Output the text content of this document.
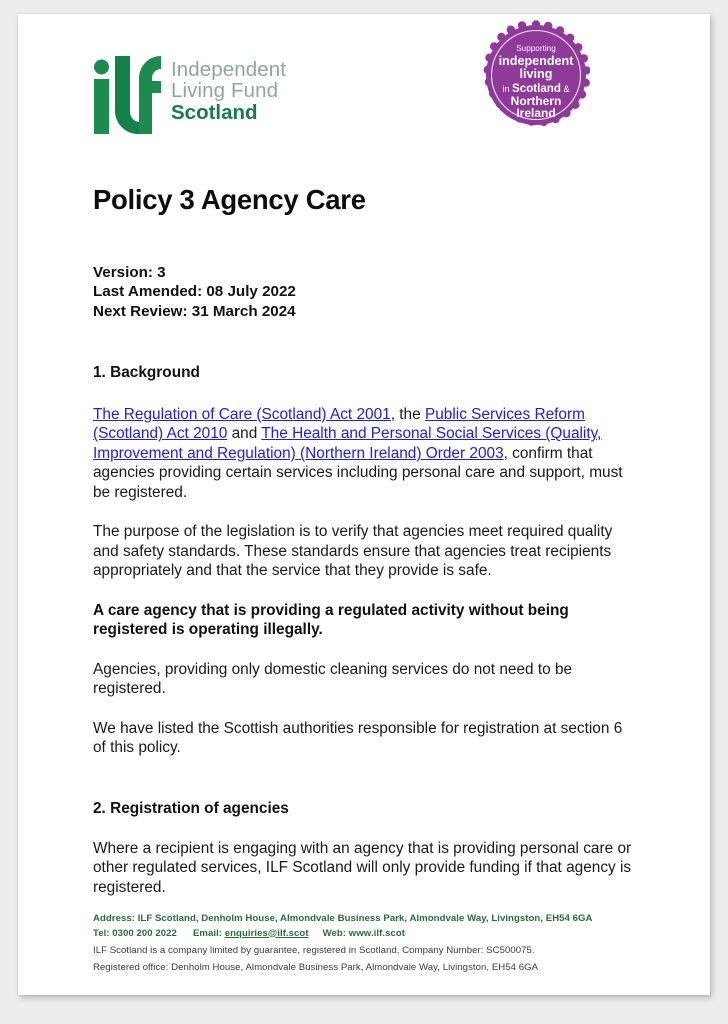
Independent
Living Fund
Scotland
Supporting
independent
living
in Scotland &
Northern
Ireland
Policy 3 Agency Care
Version: 3
Last Amended: 08 July 2022
Next Review: 31 March 2024
1. Background

The Regulation of Care (Scotland) Act 2001, the Public Services Reform (Scotland) Act 2010 and The Health and Personal Social Services (Quality, Improvement and Regulation) (Northern Ireland) Order 2003, confirm that agencies providing certain services including personal care and support, must be registered.

The purpose of the legislation is to verify that agencies meet required quality and safety standards. These standards ensure that agencies treat recipients appropriately and that the service that they provide is safe.

A care agency that is providing a regulated activity without being registered is operating illegally.

Agencies, providing only domestic cleaning services do not need to be registered.

We have listed the Scottish authorities responsible for registration at section 6 of this policy.

2. Registration of agencies

Where a recipient is engaging with an agency that is providing personal care or other regulated services, ILF Scotland will only provide funding if that agency is registered.

Address: ILF Scotland, Denholm House, Almondvale Business Park, Almondvale Way, Livingston, EH54 6GA
Tel: 0300 200 2022 Email: enquiries@ilf.scot Web: www.ilf.scot
ILF Scotland is a company limited by guarantee, registered in Scotland, Company Number: SC500075.
Registered office: Denholm House, Almondvale Business Park, Almondvale Way, Livingston, EH54 6GA
